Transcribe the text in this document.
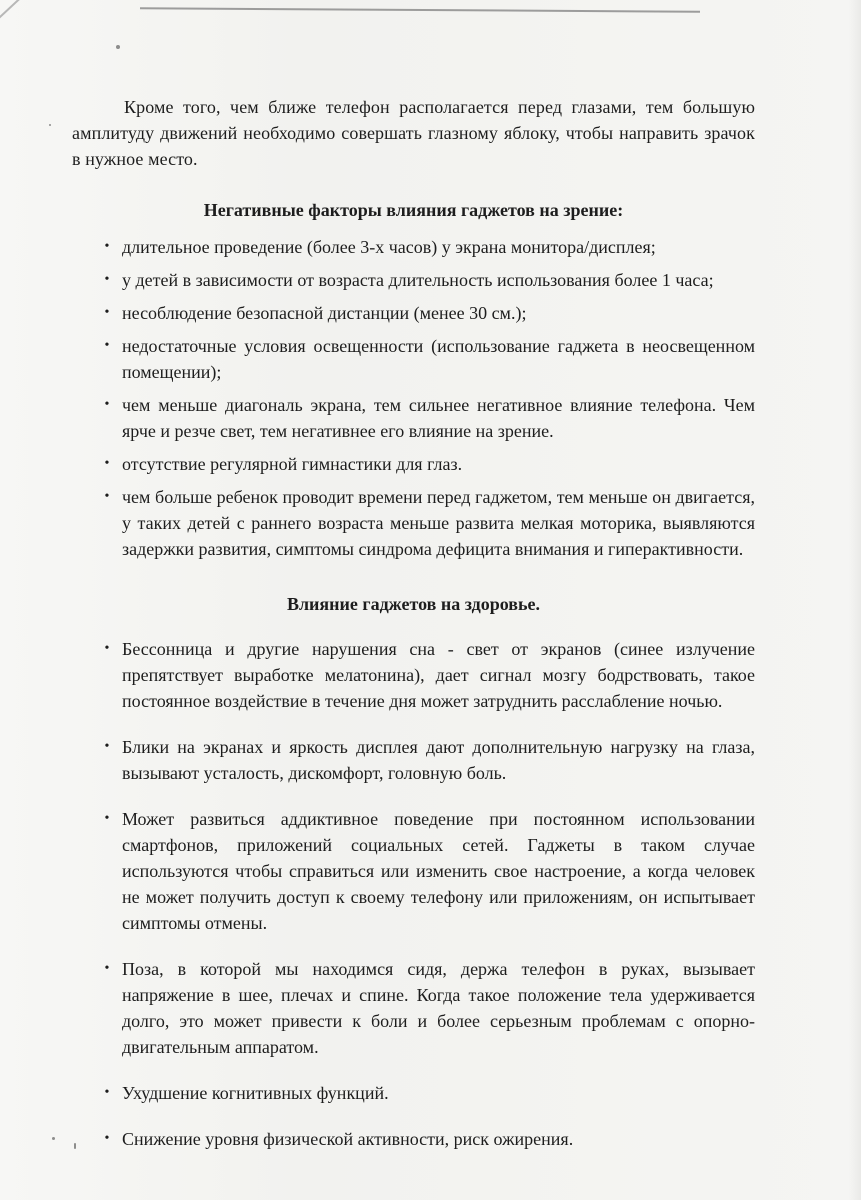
Кроме того, чем ближе телефон располагается перед глазами, тем большую амплитуду движений необходимо совершать глазному яблоку, чтобы направить зрачок в нужное место.

Негативные факторы влияния гаджетов на зрение:
• длительное проведение (более 3-х часов) у экрана монитора/дисплея;
• у детей в зависимости от возраста длительность использования более 1 часа;
• несоблюдение безопасной дистанции (менее 30 см.);
• недостаточные условия освещенности (использование гаджета в неосвещенном помещении);
• чем меньше диагональ экрана, тем сильнее негативное влияние телефона. Чем ярче и резче свет, тем негативнее его влияние на зрение.
• отсутствие регулярной гимнастики для глаз.
• чем больше ребенок проводит времени перед гаджетом, тем меньше он двигается, у таких детей с раннего возраста меньше развита мелкая моторика, выявляются задержки развития, симптомы синдрома дефицита внимания и гиперактивности.
Влияние гаджетов на здоровье.
• Бессонница и другие нарушения сна - свет от экранов (синее излучение препятствует выработке мелатонина), дает сигнал мозгу бодрствовать, такое постоянное воздействие в течение дня может затруднить расслабление ночью.
• Блики на экранах и яркость дисплея дают дополнительную нагрузку на глаза, вызывают усталость, дискомфорт, головную боль.
• Может развиться аддиктивное поведение при постоянном использовании смартфонов, приложений социальных сетей. Гаджеты в таком случае используются чтобы справиться или изменить свое настроение, а когда человек не может получить доступ к своему телефону или приложениям, он испытывает симптомы отмены.
• Поза, в которой мы находимся сидя, держа телефон в руках, вызывает напряжение в шее, плечах и спине. Когда такое положение тела удерживается долго, это может привести к боли и более серьезным проблемам с опорно-двигательным аппаратом.
• Ухудшение когнитивных функций.
• Снижение уровня физической активности, риск ожирения.
